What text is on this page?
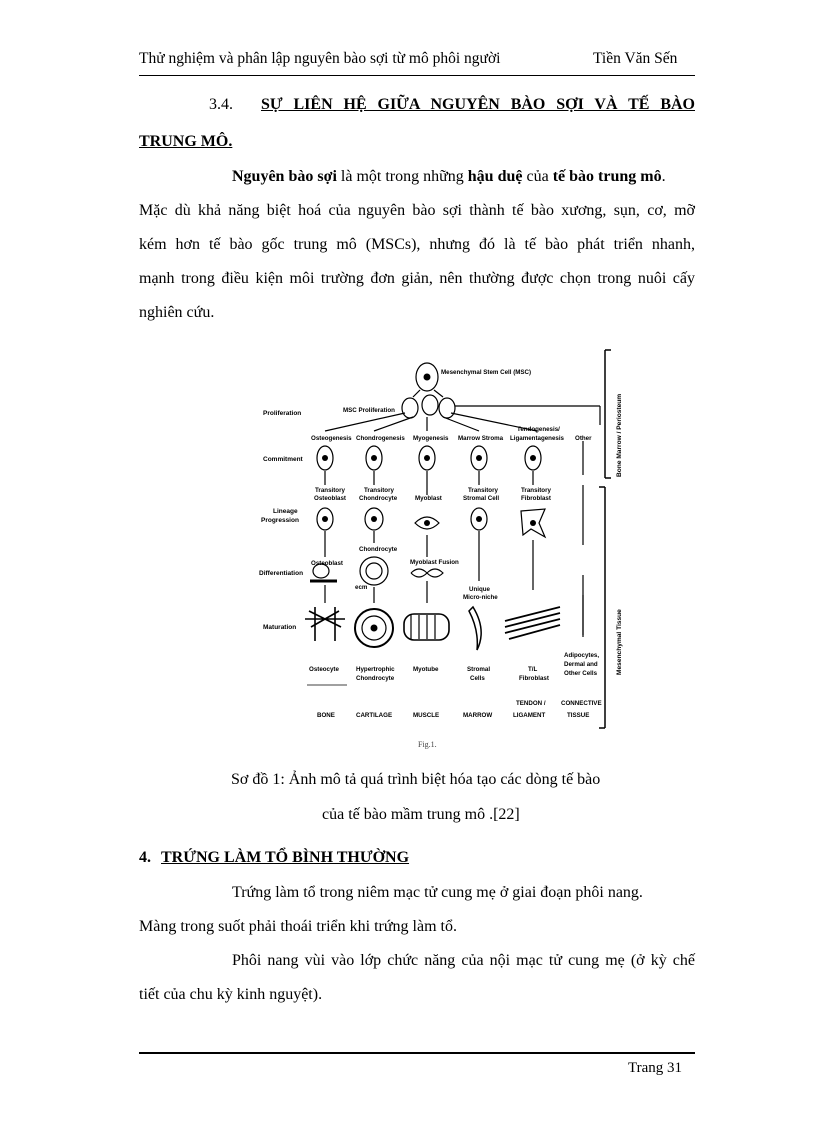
Thử nghiệm và phân lập nguyên bào sợi từ mô phôi người	Tiền Văn Sến
3.4. SỰ LIÊN HỆ GIỮA NGUYÊN BÀO SỢI VÀ TẾ BÀO
TRUNG MÔ.
Nguyên bào sợi là một trong những hậu duệ của tế bào trung mô.
Mặc dù khả năng biệt hoá của nguyên bào sợi thành tế bào xương, sụn, cơ, mỡ
kém hơn tế bào gốc trung mô (MSCs), nhưng đó là tế bào phát triển nhanh,
mạnh trong điều kiện môi trường đơn giản, nên thường được chọn trong nuôi cấy
nghiên cứu.
Mesenchymal Stem Cell (MSC)
MSC Proliferation
Proliferation
Commitment
Lineage
Progression
Differentiation
Maturation
Osteogenesis Chondrogenesis Myogenesis Marrow Stroma
Tendogenesis/
Ligamentagenesis Other
Transitory
Osteoblast
Transitory
Chondrocyte	Myoblast
Transitory
Stromal Cell
Transitory
Fibroblast
Chondrocyte
Osteoblast
ecm
Myoblast Fusion
Unique
Micro-niche
Osteocyte	Hypertrophic
Chondrocyte
Myotube	Stromal
Cells
T/L
Fibroblast
Adipocytes,
Dermal and
Other Cells
BONE	CARTILAGE	MUSCLE	MARROW
TENDON /
LIGAMENT
CONNECTIVE
TISSUE
Bone Marrow / Periosteum
Mesenchymal Tissue
Fig.1.
Sơ đồ 1: Ảnh mô tả quá trình biệt hóa tạo các dòng tế bào
của tế bào mầm trung mô .[22]
4. TRỨNG LÀM TỔ BÌNH THƯỜNG
Trứng làm tổ trong niêm mạc tử cung mẹ ở giai đoạn phôi nang.
Màng trong suốt phải thoái triển khi trứng làm tổ.
Phôi nang vùi vào lớp chức năng của nội mạc tử cung mẹ (ở kỳ chế
tiết của chu kỳ kinh nguyệt).
Trang 31
